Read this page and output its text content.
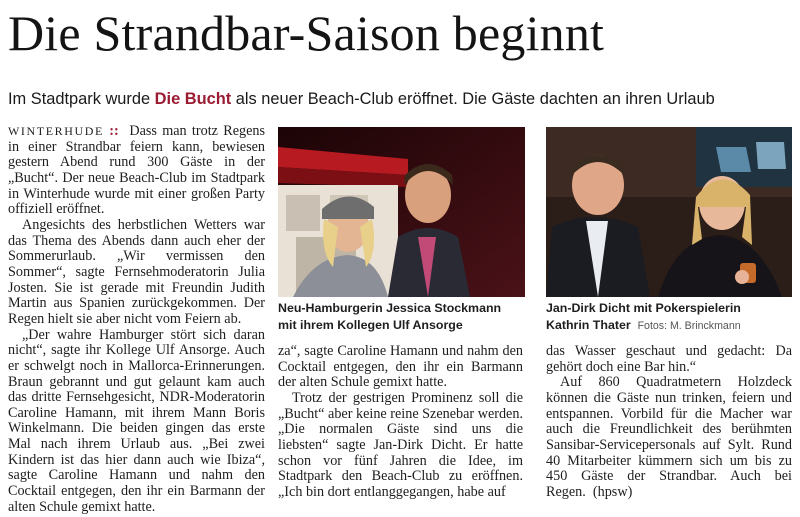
Die Strandbar-Saison beginnt
Im Stadtpark wurde Die Bucht als neuer Beach-Club eröffnet. Die Gäste dachten an ihren Urlaub

WINTERHUDE :: Dass man trotz Regens in einer Strandbar feiern kann, bewiesen gestern Abend rund 300 Gäste in der „Bucht“. Der neue Beach-Club im Stadtpark in Winterhude wurde mit einer großen Party offiziell eröffnet.

Angesichts des herbstlichen Wetters war das Thema des Abends dann auch eher der Sommerurlaub. „Wir vermissen den Sommer“, sagte Fernsehmoderatorin Julia Josten. Sie ist gerade mit Freundin Judith Martin aus Spanien zurückgekommen. Der Regen hielt sie aber nicht vom Feiern ab.

„Der wahre Hamburger stört sich daran nicht“, sagte ihr Kollege Ulf Ansorge. Auch er schwelgt noch in Mallorca-Erinnerungen. Braun gebrannt und gut gelaunt kam auch das dritte Fernsehgesicht, NDR-Moderatorin Caroline Hamann, mit ihrem Mann Boris Winkelmann. Die beiden gingen das erste Mal nach ihrem Urlaub aus. „Bei zwei Kindern ist das hier dann auch wie Ibiza“, sagte Caroline Hamann und nahm den Cocktail entgegen, den ihr ein Barmann der alten Schule gemixt hatte.

Neu-Hamburgerin Jessica Stockmann
mit ihrem Kollegen Ulf Ansorge
Jan-Dirk Dicht mit Pokerspielerin
Kathrin Thater Fotos: M. Brinckmann

za“, sagte Caroline Hamann und nahm den Cocktail entgegen, den ihr ein Barmann der alten Schule gemixt hatte.

Trotz der gestrigen Prominenz soll die „Bucht“ aber keine reine Szenebar werden. „Die normalen Gäste sind uns die liebsten“ sagte Jan-Dirk Dicht. Er hatte schon vor fünf Jahren die Idee, im Stadtpark den Beach-Club zu eröffnen. „Ich bin dort entlanggegangen, habe auf

das Wasser geschaut und gedacht: Da gehört doch eine Bar hin.“

Auf 860 Quadratmetern Holzdeck können die Gäste nun trinken, feiern und entspannen. Vorbild für die Macher war auch die Freundlichkeit des berühmten Sansibar-Servicepersonals auf Sylt. Rund 40 Mitarbeiter kümmern sich um bis zu 450 Gäste der Strandbar. Auch bei Regen. (hpsw)
